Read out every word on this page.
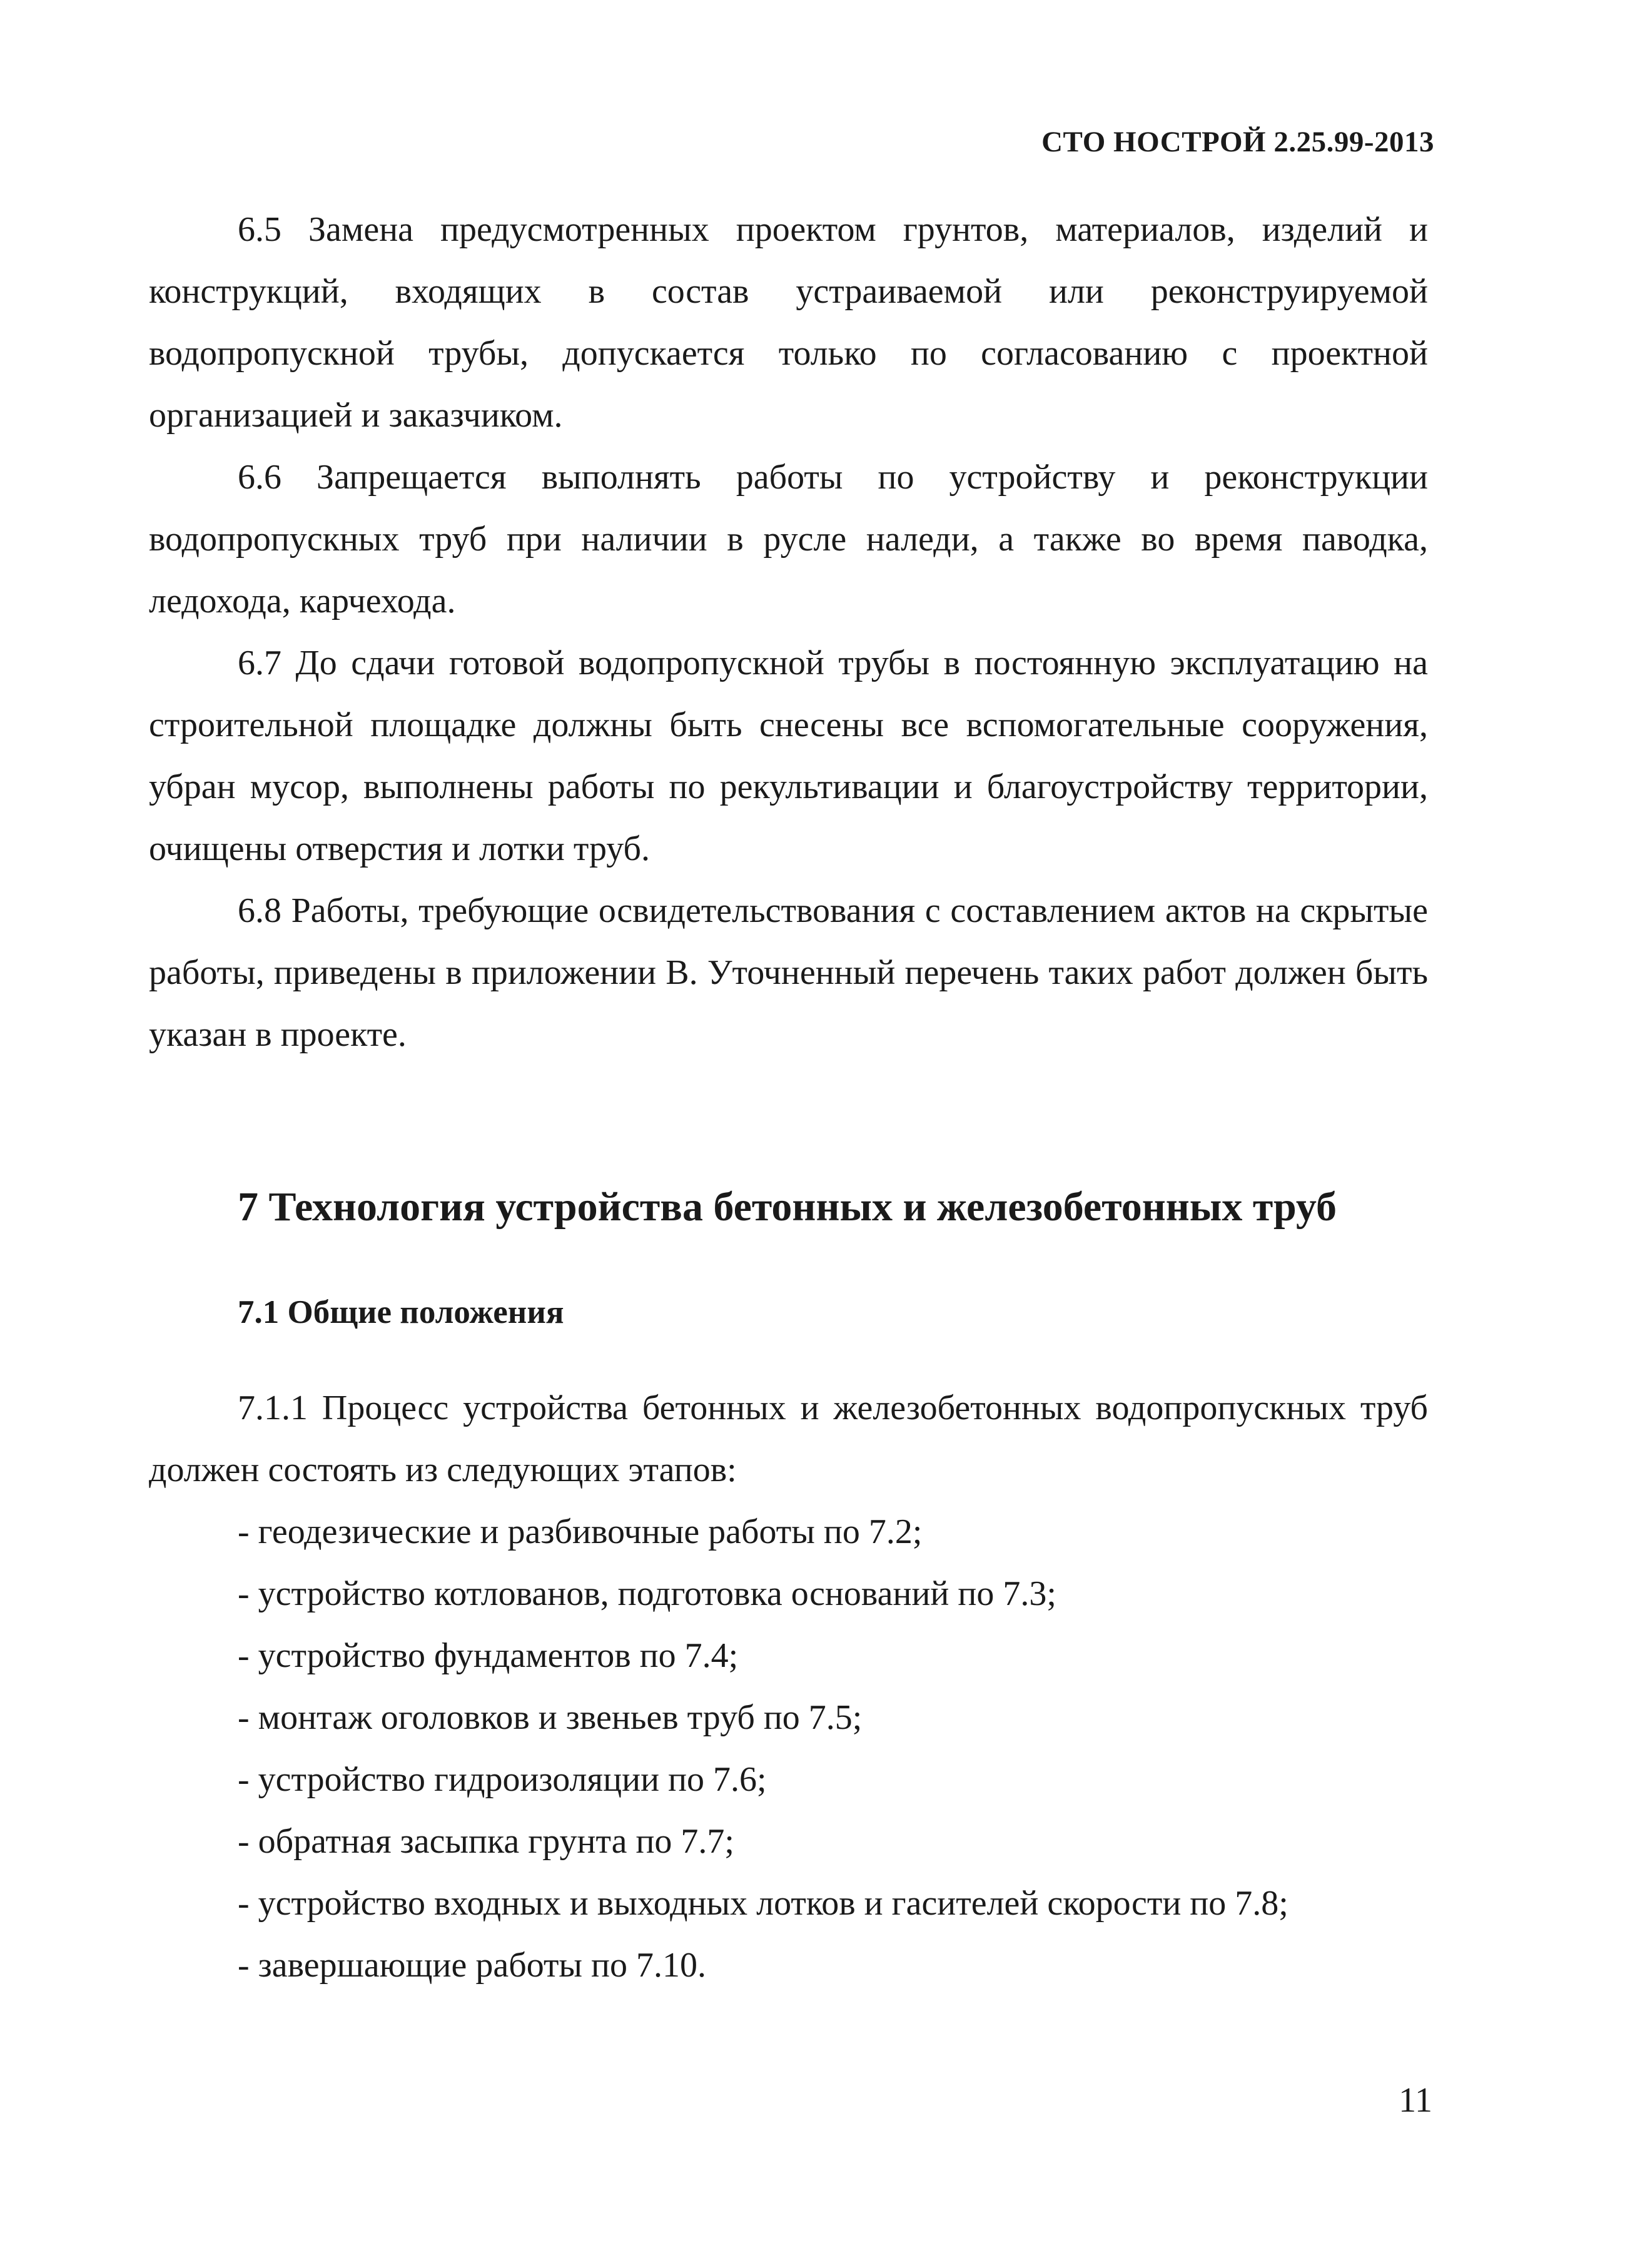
СТО НОСТРОЙ 2.25.99-2013

6.5 Замена предусмотренных проектом грунтов, материалов, изделий и конструкций, входящих в состав устраиваемой или реконструируемой водопропускной трубы, допускается только по согласованию с проектной организацией и заказчиком.

6.6 Запрещается выполнять работы по устройству и реконструкции водопропускных труб при наличии в русле наледи, а также во время паводка, ледохода, карчехода.

6.7 До сдачи готовой водопропускной трубы в постоянную эксплуатацию на строительной площадке должны быть снесены все вспомогательные сооружения, убран мусор, выполнены работы по рекультивации и благоустройству территории, очищены отверстия и лотки труб.

6.8 Работы, требующие освидетельствования с составлением актов на скрытые работы, приведены в приложении В. Уточненный перечень таких работ должен быть указан в проекте.

7 Технология устройства бетонных и железобетонных труб
7.1 Общие положения

7.1.1 Процесс устройства бетонных и железобетонных водопропускных труб должен состоять из следующих этапов:

- геодезические и разбивочные работы по 7.2;

- устройство котлованов, подготовка оснований по 7.3;

- устройство фундаментов по 7.4;

- монтаж оголовков и звеньев труб по 7.5;

- устройство гидроизоляции по 7.6;

- обратная засыпка грунта по 7.7;

- устройство входных и выходных лотков и гасителей скорости по 7.8;

- завершающие работы по 7.10.

11
